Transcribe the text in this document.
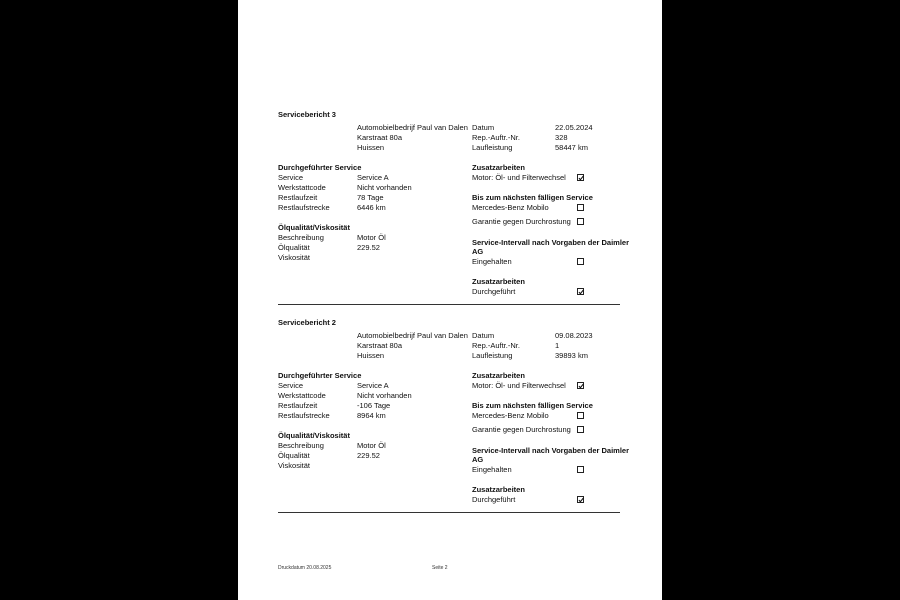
Servicebericht 3
Automobielbedrijf Paul van Dalen
Karstraat 80a
Huissen
Datum	22.05.2024
Rep.-Auftr.-Nr.	328
Laufleistung	58447 km
Durchgeführter Service
Service	Service A
Werkstattcode	Nicht vorhanden
Restlaufzeit	78 Tage
Restlaufstrecke	6446 km
Ölqualität/Viskosität
Beschreibung	Motor Öl
Ölqualität	229.52
Viskosität
Zusatzarbeiten
Motor: Öl- und Filterwechsel
Bis zum nächsten fälligen Service
Mercedes-Benz Mobilo
Garantie gegen Durchrostung
Service-Intervall nach Vorgaben der Daimler
AG
Eingehalten
Zusatzarbeiten
Durchgeführt
Servicebericht 2
Automobielbedrijf Paul van Dalen
Karstraat 80a
Huissen
Datum	09.08.2023
Rep.-Auftr.-Nr.	1
Laufleistung	39893 km
Durchgeführter Service
Service	Service A
Werkstattcode	Nicht vorhanden
Restlaufzeit	-106 Tage
Restlaufstrecke	8964 km
Ölqualität/Viskosität
Beschreibung	Motor Öl
Ölqualität	229.52
Viskosität
Zusatzarbeiten
Motor: Öl- und Filterwechsel
Bis zum nächsten fälligen Service
Mercedes-Benz Mobilo
Garantie gegen Durchrostung
Service-Intervall nach Vorgaben der Daimler
AG
Eingehalten
Zusatzarbeiten
Durchgeführt
Druckdatum 20.08.2025	Seite 2
